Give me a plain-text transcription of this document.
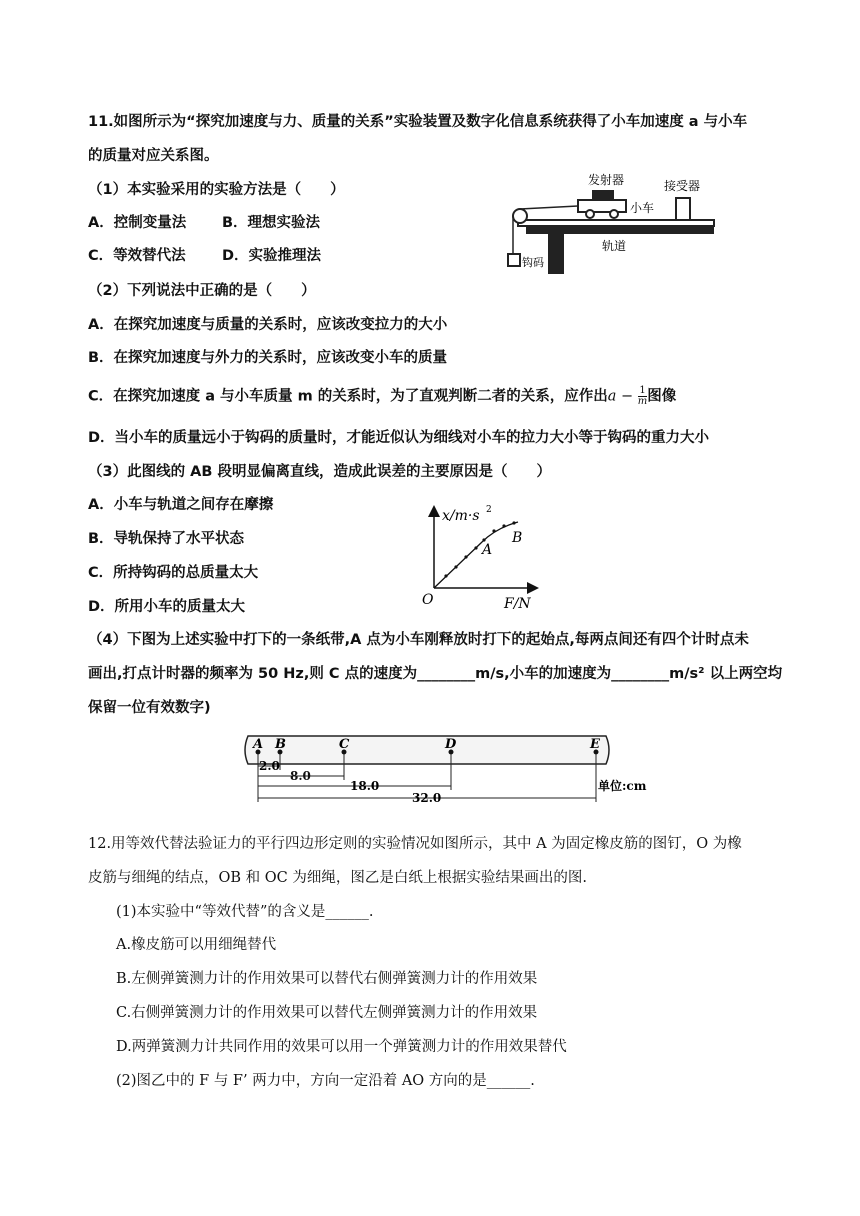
11.如图所示为“探究加速度与力、质量的关系”实验装置及数字化信息系统获得了小车加速度 a 与小车
的质量对应关系图。
（1）本实验采用的实验方法是（　　）
A．控制变量法 B．理想实验法
C．等效替代法	D．实验推理法
发射器	接受器
小车
轨道
钩码
（2）下列说法中正确的是（　　）
A．在探究加速度与质量的关系时，应该改变拉力的大小
B．在探究加速度与外力的关系时，应该改变小车的质量
C．在探究加速度 a 与小车质量 m 的关系时，为了直观判断二者的关系，应作出$a - \frac{1}{m}$ 图像
D．当小车的质量远小于钩码的质量时，才能近似认为细线对小车的拉力大小等于钩码的重力大小
（3）此图线的 AB 段明显偏离直线，造成此误差的主要原因是（　　）
A．小车与轨道之间存在摩擦
B．导轨保持了水平状态
C．所持钩码的总质量太大
D．所用小车的质量太大
x/m·s 2
F/N
O
A
B
（4）下图为上述实验中打下的一条纸带,A 点为小车刚释放时打下的起始点,每两点间还有四个计时点未
画出,打点计时器的频率为 50 Hz,则 C 点的速度为________m/s,小车的加速度为________m/s² 以上两空均
保留一位有效数字)
A B	C	D	E
2.0
8.0
18.0
32.0
单位:cm
12.用等效代替法验证力的平行四边形定则的实验情况如图所示，其中 A 为固定橡皮筋的图钉，O 为橡
皮筋与细绳的结点，OB 和 OC 为细绳，图乙是白纸上根据实验结果画出的图.
(1)本实验中“等效代替”的含义是______.
A.橡皮筋可以用细绳替代
B.左侧弹簧测力计的作用效果可以替代右侧弹簧测力计的作用效果
C.右侧弹簧测力计的作用效果可以替代左侧弹簧测力计的作用效果
D.两弹簧测力计共同作用的效果可以用一个弹簧测力计的作用效果替代
(2)图乙中的 F 与 F’ 两力中，方向一定沿着 AO 方向的是______.
